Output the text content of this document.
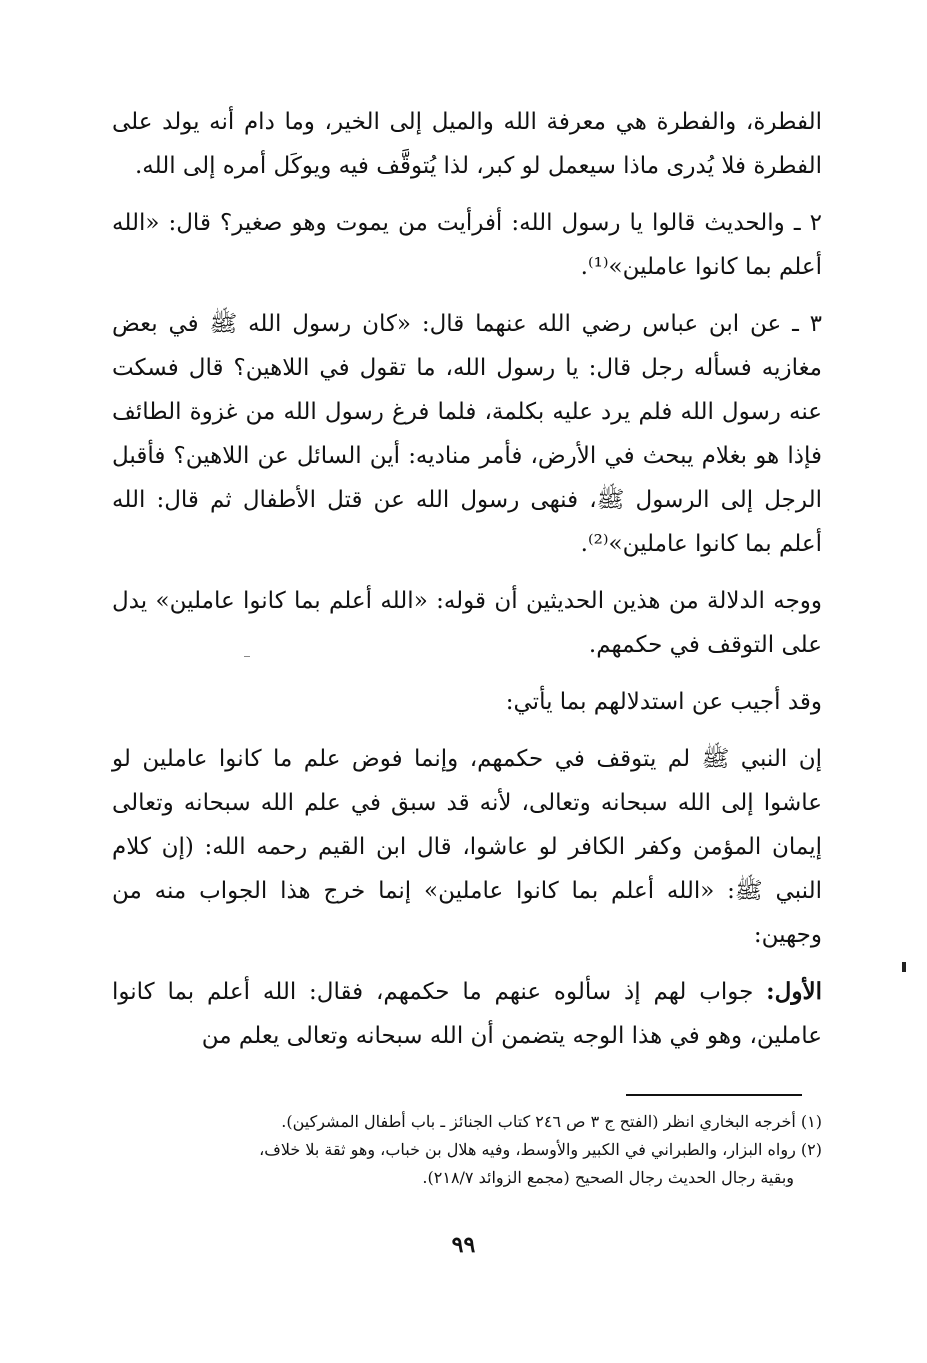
الفطرة، والفطرة هي معرفة الله والميل إلى الخير، وما دام أنه يولد على الفطرة فلا يُدرى ماذا سيعمل لو كبر، لذا يُتوقَّف فيه ويوكَل أمره إلى الله.

٢ ـ والحديث قالوا يا رسول الله: أفرأيت من يموت وهو صغير؟ قال: «الله أعلم بما كانوا عاملين»⁽¹⁾.

٣ ـ عن ابن عباس رضي الله عنهما قال: «كان رسول الله ﷺ في بعض مغازيه فسأله رجل قال: يا رسول الله، ما تقول في اللاهين؟ قال فسكت عنه رسول الله فلم يرد عليه بكلمة، فلما فرغ رسول الله من غزوة الطائف فإذا هو بغلام يبحث في الأرض، فأمر مناديه: أين السائل عن اللاهين؟ فأقبل الرجل إلى الرسول ﷺ، فنهى رسول الله عن قتل الأطفال ثم قال: الله أعلم بما كانوا عاملين»⁽²⁾.

ووجه الدلالة من هذين الحديثين أن قوله: «الله أعلم بما كانوا عاملين» يدل على التوقف في حكمهم.

وقد أجيب عن استدلالهم بما يأتي:

إن النبي ﷺ لم يتوقف في حكمهم، وإنما فوض علم ما كانوا عاملين لو عاشوا إلى الله سبحانه وتعالى، لأنه قد سبق في علم الله سبحانه وتعالى إيمان المؤمن وكفر الكافر لو عاشوا، قال ابن القيم رحمه الله: (إن كلام النبي ﷺ: «الله أعلم بما كانوا عاملين» إنما خرج هذا الجواب منه من وجهين:

الأول: جواب لهم إذ سألوه عنهم ما حكمهم، فقال: الله أعلم بما كانوا عاملين، وهو في هذا الوجه يتضمن أن الله سبحانه وتعالى يعلم من

(١) أخرجه البخاري انظر (الفتح ج ٣ ص ٢٤٦ كتاب الجنائز ـ باب أطفال المشركين).

(٢) رواه البزار، والطبراني في الكبير والأوسط، وفيه هلال بن خباب، وهو ثقة بلا خلاف،

وبقية رجال الحديث رجال الصحيح (مجمع الزوائد ٢١٨/٧).

٩٩
